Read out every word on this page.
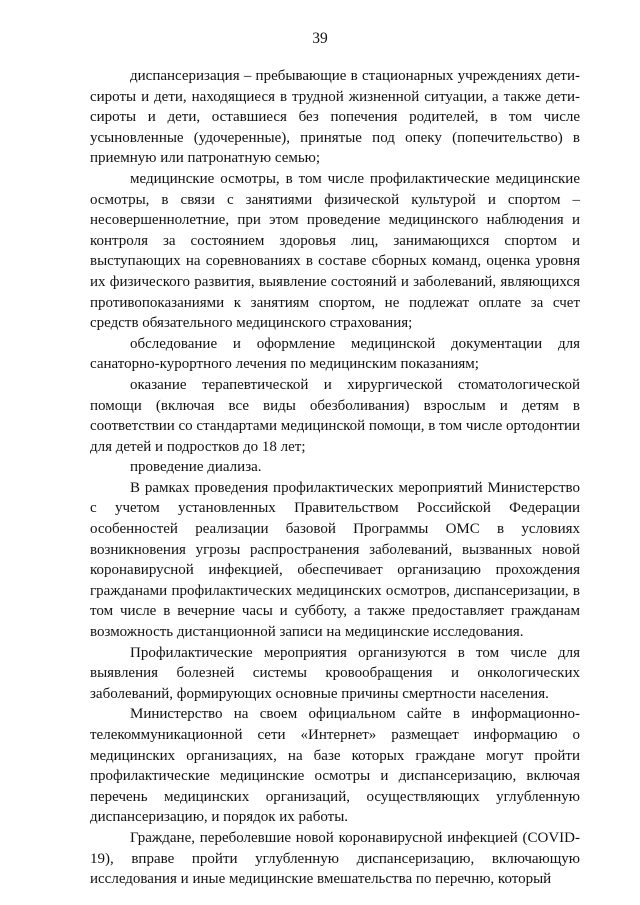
39

диспансеризация – пребывающие в стационарных учреждениях дети-сироты и дети, находящиеся в трудной жизненной ситуации, а также дети-сироты и дети, оставшиеся без попечения родителей, в том числе усыновленные (удочеренные), принятые под опеку (попечительство) в приемную или патронатную семью;

медицинские осмотры, в том числе профилактические медицинские осмотры, в связи с занятиями физической культурой и спортом – несовершеннолетние, при этом проведение медицинского наблюдения и контроля за состоянием здоровья лиц, занимающихся спортом и выступающих на соревнованиях в составе сборных команд, оценка уровня их физического развития, выявление состояний и заболеваний, являющихся противопоказаниями к занятиям спортом, не подлежат оплате за счет средств обязательного медицинского страхования;

обследование и оформление медицинской документации для санаторно-курортного лечения по медицинским показаниям;

оказание терапевтической и хирургической стоматологической помощи (включая все виды обезболивания) взрослым и детям в соответствии со стандартами медицинской помощи, в том числе ортодонтии для детей и подростков до 18 лет;

проведение диализа.

В рамках проведения профилактических мероприятий Министерство с учетом установленных Правительством Российской Федерации особенностей реализации базовой Программы ОМС в условиях возникновения угрозы распространения заболеваний, вызванных новой коронавирусной инфекцией, обеспечивает организацию прохождения гражданами профилактических медицинских осмотров, диспансеризации, в том числе в вечерние часы и субботу, а также предоставляет гражданам возможность дистанционной записи на медицинские исследования.

Профилактические мероприятия организуются в том числе для выявления болезней системы кровообращения и онкологических заболеваний, формирующих основные причины смертности населения.

Министерство на своем официальном сайте в информационно-телекоммуникационной сети «Интернет» размещает информацию о медицинских организациях, на базе которых граждане могут пройти профилактические медицинские осмотры и диспансеризацию, включая перечень медицинских организаций, осуществляющих углубленную диспансеризацию, и порядок их работы.

Граждане, переболевшие новой коронавирусной инфекцией (COVID-19), вправе пройти углубленную диспансеризацию, включающую исследования и иные медицинские вмешательства по перечню, который
